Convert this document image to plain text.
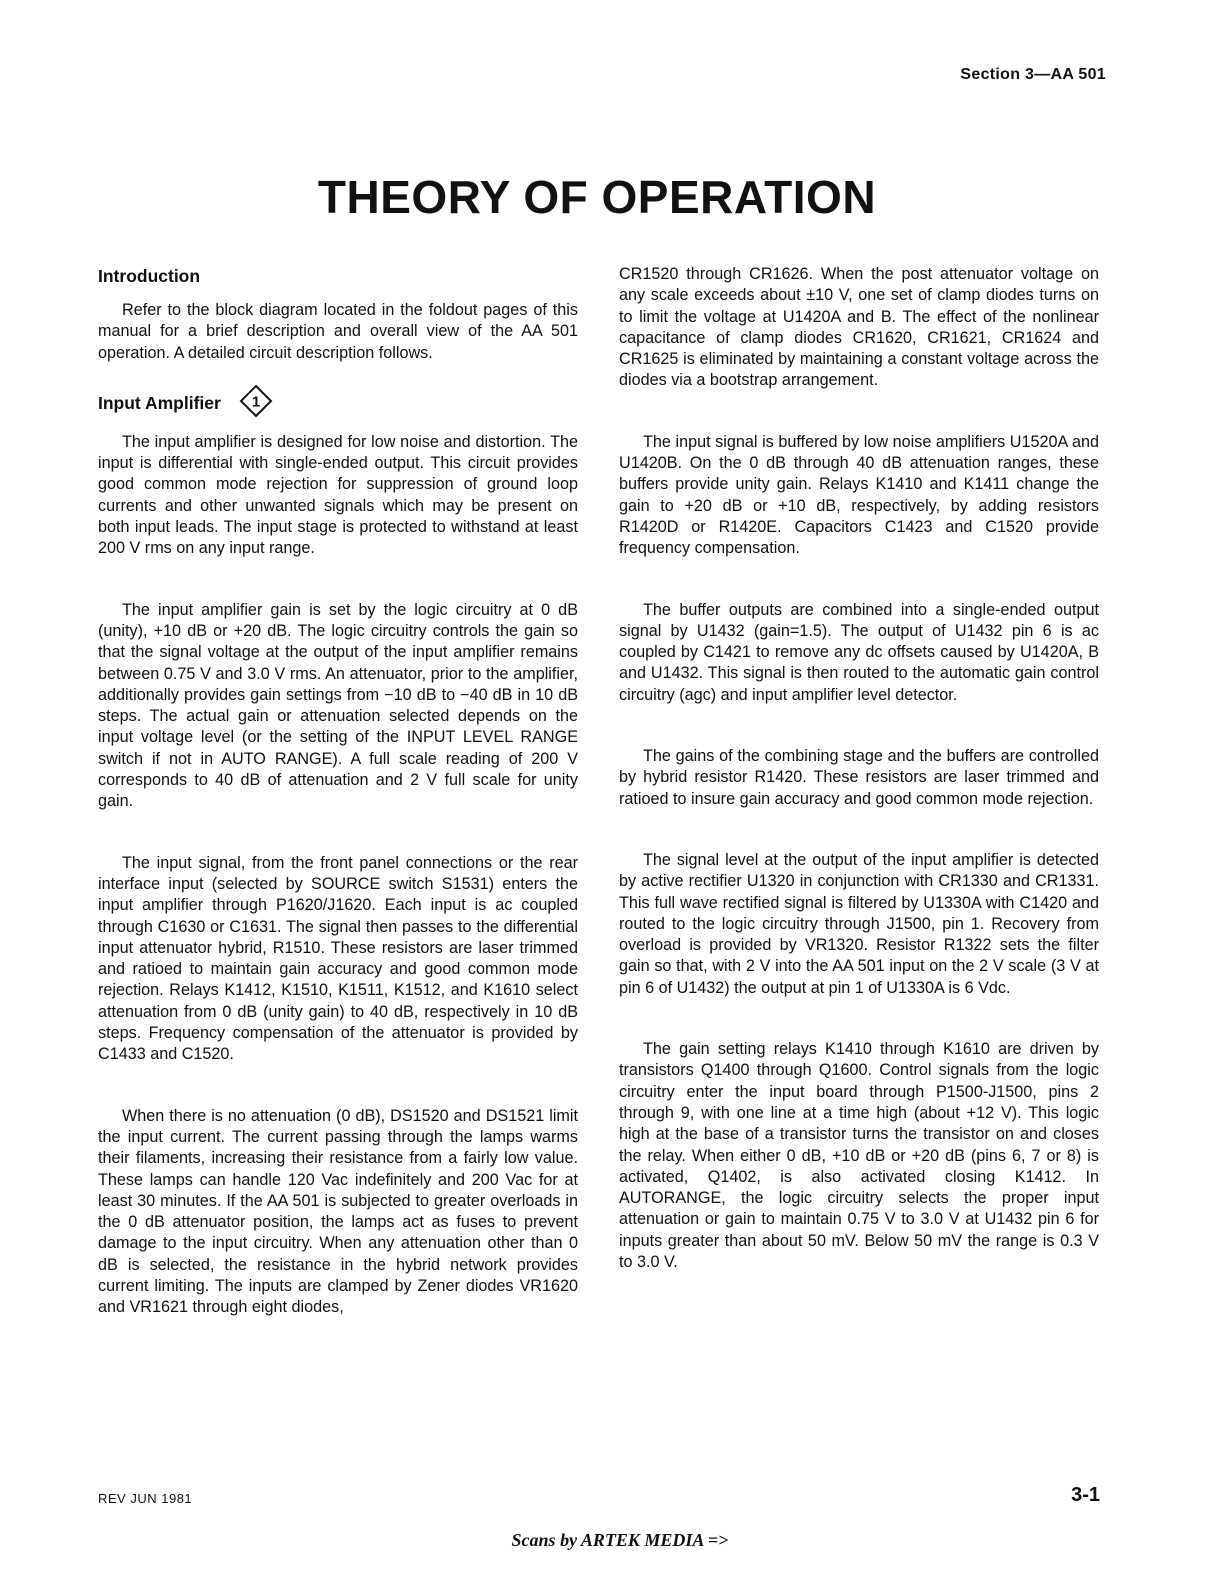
Section 3—AA 501
THEORY OF OPERATION
Introduction

Refer to the block diagram located in the foldout pages of this manual for a brief description and overall view of the AA 501 operation. A detailed circuit description follows.

Input Amplifier 1

The input amplifier is designed for low noise and distortion. The input is differential with single-ended output. This circuit provides good common mode rejection for suppression of ground loop currents and other unwanted signals which may be present on both input leads. The input stage is protected to withstand at least 200 V rms on any input range.

The input amplifier gain is set by the logic circuitry at 0 dB (unity), +10 dB or +20 dB. The logic circuitry controls the gain so that the signal voltage at the output of the input amplifier remains between 0.75 V and 3.0 V rms. An attenuator, prior to the amplifier, additionally provides gain settings from −10 dB to −40 dB in 10 dB steps. The actual gain or attenuation selected depends on the input voltage level (or the setting of the INPUT LEVEL RANGE switch if not in AUTO RANGE). A full scale reading of 200 V corresponds to 40 dB of attenuation and 2 V full scale for unity gain.

The input signal, from the front panel connections or the rear interface input (selected by SOURCE switch S1531) enters the input amplifier through P1620/J1620. Each input is ac coupled through C1630 or C1631. The signal then passes to the differential input attenuator hybrid, R1510. These resistors are laser trimmed and ratioed to maintain gain accuracy and good common mode rejection. Relays K1412, K1510, K1511, K1512, and K1610 select attenuation from 0 dB (unity gain) to 40 dB, respectively in 10 dB steps. Frequency compensation of the attenuator is provided by C1433 and C1520.

When there is no attenuation (0 dB), DS1520 and DS1521 limit the input current. The current passing through the lamps warms their filaments, increasing their resistance from a fairly low value. These lamps can handle 120 Vac indefinitely and 200 Vac for at least 30 minutes. If the AA 501 is subjected to greater overloads in the 0 dB attenuator position, the lamps act as fuses to prevent damage to the input circuitry. When any attenuation other than 0 dB is selected, the resistance in the hybrid network provides current limiting. The inputs are clamped by Zener diodes VR1620 and VR1621 through eight diodes,

CR1520 through CR1626. When the post attenuator voltage on any scale exceeds about ±10 V, one set of clamp diodes turns on to limit the voltage at U1420A and B. The effect of the nonlinear capacitance of clamp diodes CR1620, CR1621, CR1624 and CR1625 is eliminated by maintaining a constant voltage across the diodes via a bootstrap arrangement.

The input signal is buffered by low noise amplifiers U1520A and U1420B. On the 0 dB through 40 dB attenuation ranges, these buffers provide unity gain. Relays K1410 and K1411 change the gain to +20 dB or +10 dB, respectively, by adding resistors R1420D or R1420E. Capacitors C1423 and C1520 provide frequency compensation.

The buffer outputs are combined into a single-ended output signal by U1432 (gain=1.5). The output of U1432 pin 6 is ac coupled by C1421 to remove any dc offsets caused by U1420A, B and U1432. This signal is then routed to the automatic gain control circuitry (agc) and input amplifier level detector.

The gains of the combining stage and the buffers are controlled by hybrid resistor R1420. These resistors are laser trimmed and ratioed to insure gain accuracy and good common mode rejection.

The signal level at the output of the input amplifier is detected by active rectifier U1320 in conjunction with CR1330 and CR1331. This full wave rectified signal is filtered by U1330A with C1420 and routed to the logic circuitry through J1500, pin 1. Recovery from overload is provided by VR1320. Resistor R1322 sets the filter gain so that, with 2 V into the AA 501 input on the 2 V scale (3 V at pin 6 of U1432) the output at pin 1 of U1330A is 6 Vdc.

The gain setting relays K1410 through K1610 are driven by transistors Q1400 through Q1600. Control signals from the logic circuitry enter the input board through P1500-J1500, pins 2 through 9, with one line at a time high (about +12 V). This logic high at the base of a transistor turns the transistor on and closes the relay. When either 0 dB, +10 dB or +20 dB (pins 6, 7 or 8) is activated, Q1402, is also activated closing K1412. In AUTORANGE, the logic circuitry selects the proper input attenuation or gain to maintain 0.75 V to 3.0 V at U1432 pin 6 for inputs greater than about 50 mV. Below 50 mV the range is 0.3 V to 3.0 V.

REV JUN 1981	3-1
Scans by ARTEK MEDIA =>
